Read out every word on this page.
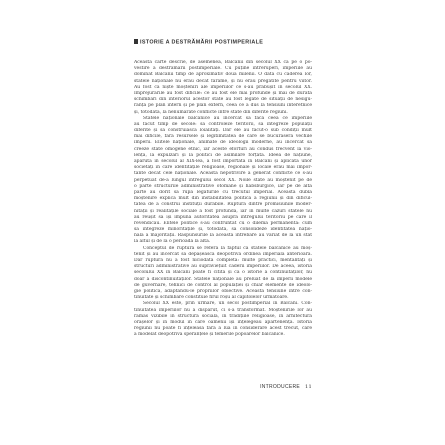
ISTORIE A DESTRĂMĂRII POSTIMPERIALE
Această carte descrie, de asemenea, Balcanii din secolul XX ca pe o po-
vestire a destrămării postimperiale. Cu puține întreruperi, imperiile au
dominat Balcanii timp de aproximativ două milenii. O dată cu căderea lor,
statele naționale nu erau decât fărâme, și nu erau pregătite pentru viitor.
Au fost ca niște moșteniri ale imperiilor ce s-au prăbușit în secolul XX.
Împrejurările au fost dificile: ce au fost ele mai profunde și mai de durată
schimbări din interiorul acestor state au fost legate de situații de nesigu-
ranță pe plan intern și pe plan extern, ceea ce a dus la tensiuni interetnice
și, totodată, la nenumărate conflicte între state din diferite regiuni.
Statele naționale balcanice au încercat să facă ceea ce imperiile
au făcut timp de secole: să controleze teritorii, să integreze populații
diferite și să construiască loialități. Dar ele au făcut-o sub condiții mult
mai dificile, fără resursele și legitimitatea de care se bucuraseră vechile
imperii. Elitele naționale, animate de ideologii moderne, au încercat să
creeze state omogene etnic, iar aceste eforturi au condus frecvent la vio-
lență, la expulzări și la politici de asimilare forțată. Ideea de națiune,
apărută în secolul al XIX-lea, a fost importată în Balcani și aplicată unor
societăți în care identitățile religioase, regionale și locale erau mai impor-
tante decât cele naționale. Această nepotrivire a generat conflicte ce s-au
perpetuat de-a lungul întregului secol XX. Noile state au moștenit pe de
o parte structurile administrative otomane și habsburgice, iar pe de altă
parte au dorit să rupă legăturile cu trecutul imperial. Această dublă
moștenire explică mult din instabilitatea politică a regiunii și din dificul-
tatea de a construi instituții durabile. Ruptura dintre promisiunile moder-
nității și realitățile sociale a fost profundă, iar în multe cazuri statele nu
au reușit să își impună autoritatea asupra întregului teritoriu pe care îl
revendicau. Elitele politice s-au confruntat cu o dilemă permanentă: cum
să integreze minoritățile și, totodată, să consolideze identitatea națio-
nală a majorității. Răspunsurile la această întrebare au variat de la un stat
la altul și de la o perioadă la alta.
Conceptul de ruptură se referă la faptul că statele balcanice au moș-
tenit și au încercat să depășească deopotrivă ordinea imperială anterioară.
Dar ruptura nu a fost niciodată completă: multe practici, mentalități și
structuri administrative au supraviețuit căderii imperiilor. De aceea, istoria
secolului XX în Balcani poate fi citită și ca o istorie a continuităților, nu
doar a discontinuităților. Statele naționale au preluat de la imperii modele
de guvernare, tehnici de control al populației și chiar elemente de ideolo-
gie politică, adaptându-le propriilor obiective. Această tensiune între con-
tinuitate și schimbare constituie firul roșu al capitolelor următoare.
Secolul XX este, prin urmare, un secol postimperial în Balcani. Con-
tinuitatea imperiilor nu a dispărut, ci s-a transformat. Moștenirile lor au
rămas vizibile în structura socială, în tradițiile religioase, în arhitectura
orașelor și în modul în care oamenii își înțelegeau apartenența. Istoria
regiunii nu poate fi înțeleasă fără a lua în considerare acest trecut, care
a modelat deopotrivă speranțele și temerile popoarelor balcanice.
INTRODUCERE 11
